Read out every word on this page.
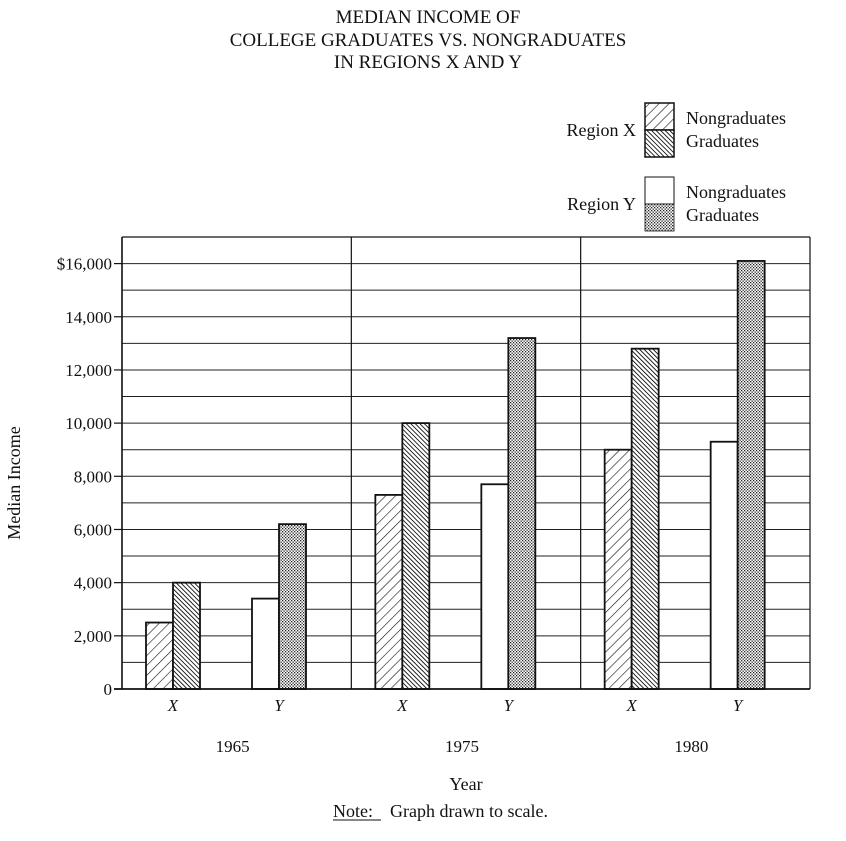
MEDIAN INCOME OF
COLLEGE GRADUATES VS. NONGRADUATES
IN REGIONS X AND Y
Region X
Nongraduates
Graduates
Region Y
Nongraduates
Graduates
0
2,000
4,000
6,000
8,000
10,000
12,000
14,000
$16,000
X	Y
1965
X	Y
1975
X	Y
1980
Median Income
Year
Note: Graph drawn to scale.
